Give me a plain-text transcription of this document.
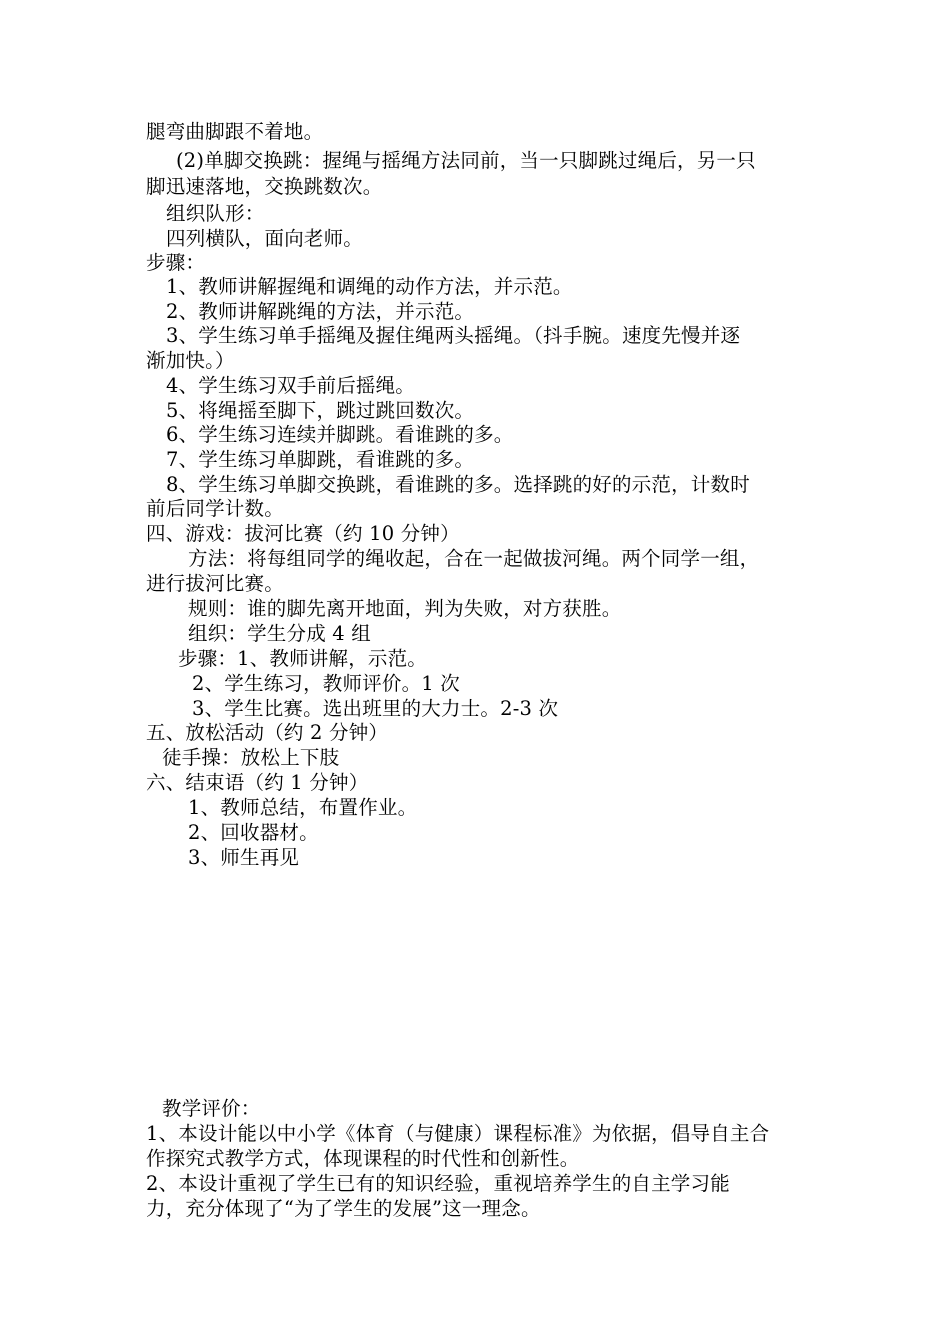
腿弯曲脚跟不着地。
(2)单脚交换跳：握绳与摇绳方法同前，当一只脚跳过绳后，另一只
脚迅速落地，交换跳数次。
组织队形：
四列横队，面向老师。
步骤：
1、教师讲解握绳和调绳的动作方法，并示范。
2、教师讲解跳绳的方法，并示范。
3、学生练习单手摇绳及握住绳两头摇绳。（抖手腕。速度先慢并逐
渐加快。）
4、学生练习双手前后摇绳。
5、将绳摇至脚下，跳过跳回数次。
6、学生练习连续并脚跳。看谁跳的多。
7、学生练习单脚跳，看谁跳的多。
8、学生练习单脚交换跳，看谁跳的多。选择跳的好的示范，计数时
前后同学计数。
四、游戏：拔河比赛（约 10 分钟）
方法：将每组同学的绳收起，合在一起做拔河绳。两个同学一组，
进行拔河比赛。
规则：谁的脚先离开地面，判为失败，对方获胜。
组织：学生分成 4 组
步骤：1、教师讲解，示范。
2、学生练习，教师评价。1 次
3、学生比赛。选出班里的大力士。2-3 次
五、放松活动（约 2 分钟）
徒手操：放松上下肢
六、结束语（约 1 分钟）
1、教师总结，布置作业。
2、回收器材。
3、师生再见
教学评价：
1、本设计能以中小学《体育（与健康）课程标准》为依据，倡导自主合
作探究式教学方式，体现课程的时代性和创新性。
2、本设计重视了学生已有的知识经验，重视培养学生的自主学习能
力，充分体现了“为了学生的发展”这一理念。
